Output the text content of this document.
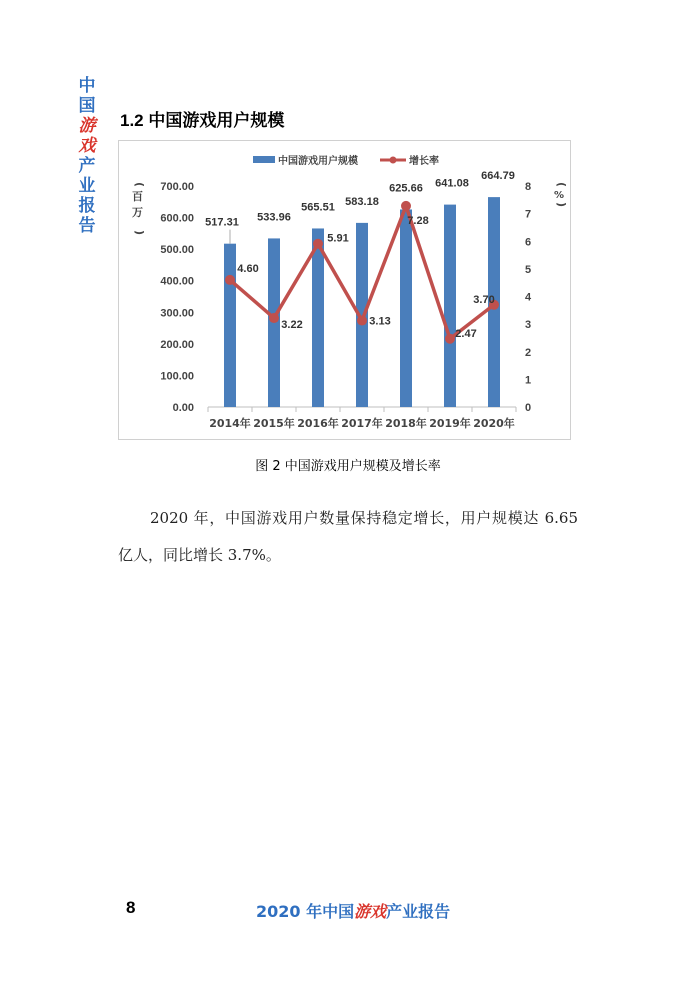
中
国
游
戏
产
业
报
告
1.2 中国游戏用户规模
0.00
100.00
200.00
300.00
400.00
500.00
600.00
700.00
0
1
2
3
4
5
6
7
8
(
百
万
)
(
%
)
517.31 533.96
565.51 583.18
625.66 641.08
664.79
4.60
3.22
5.91
3.13
7.28
2.47
3.70
2014年 2015年 2016年 2017年 2018年 2019年 2020年
中国游戏用户规模	增长率
图 2 中国游戏用户规模及增长率
2020 年，中国游戏用户数量保持稳定增长，用户规模达 6.65 亿人，同比增长 3.7%。
8	2020 年中国游戏产业报告
